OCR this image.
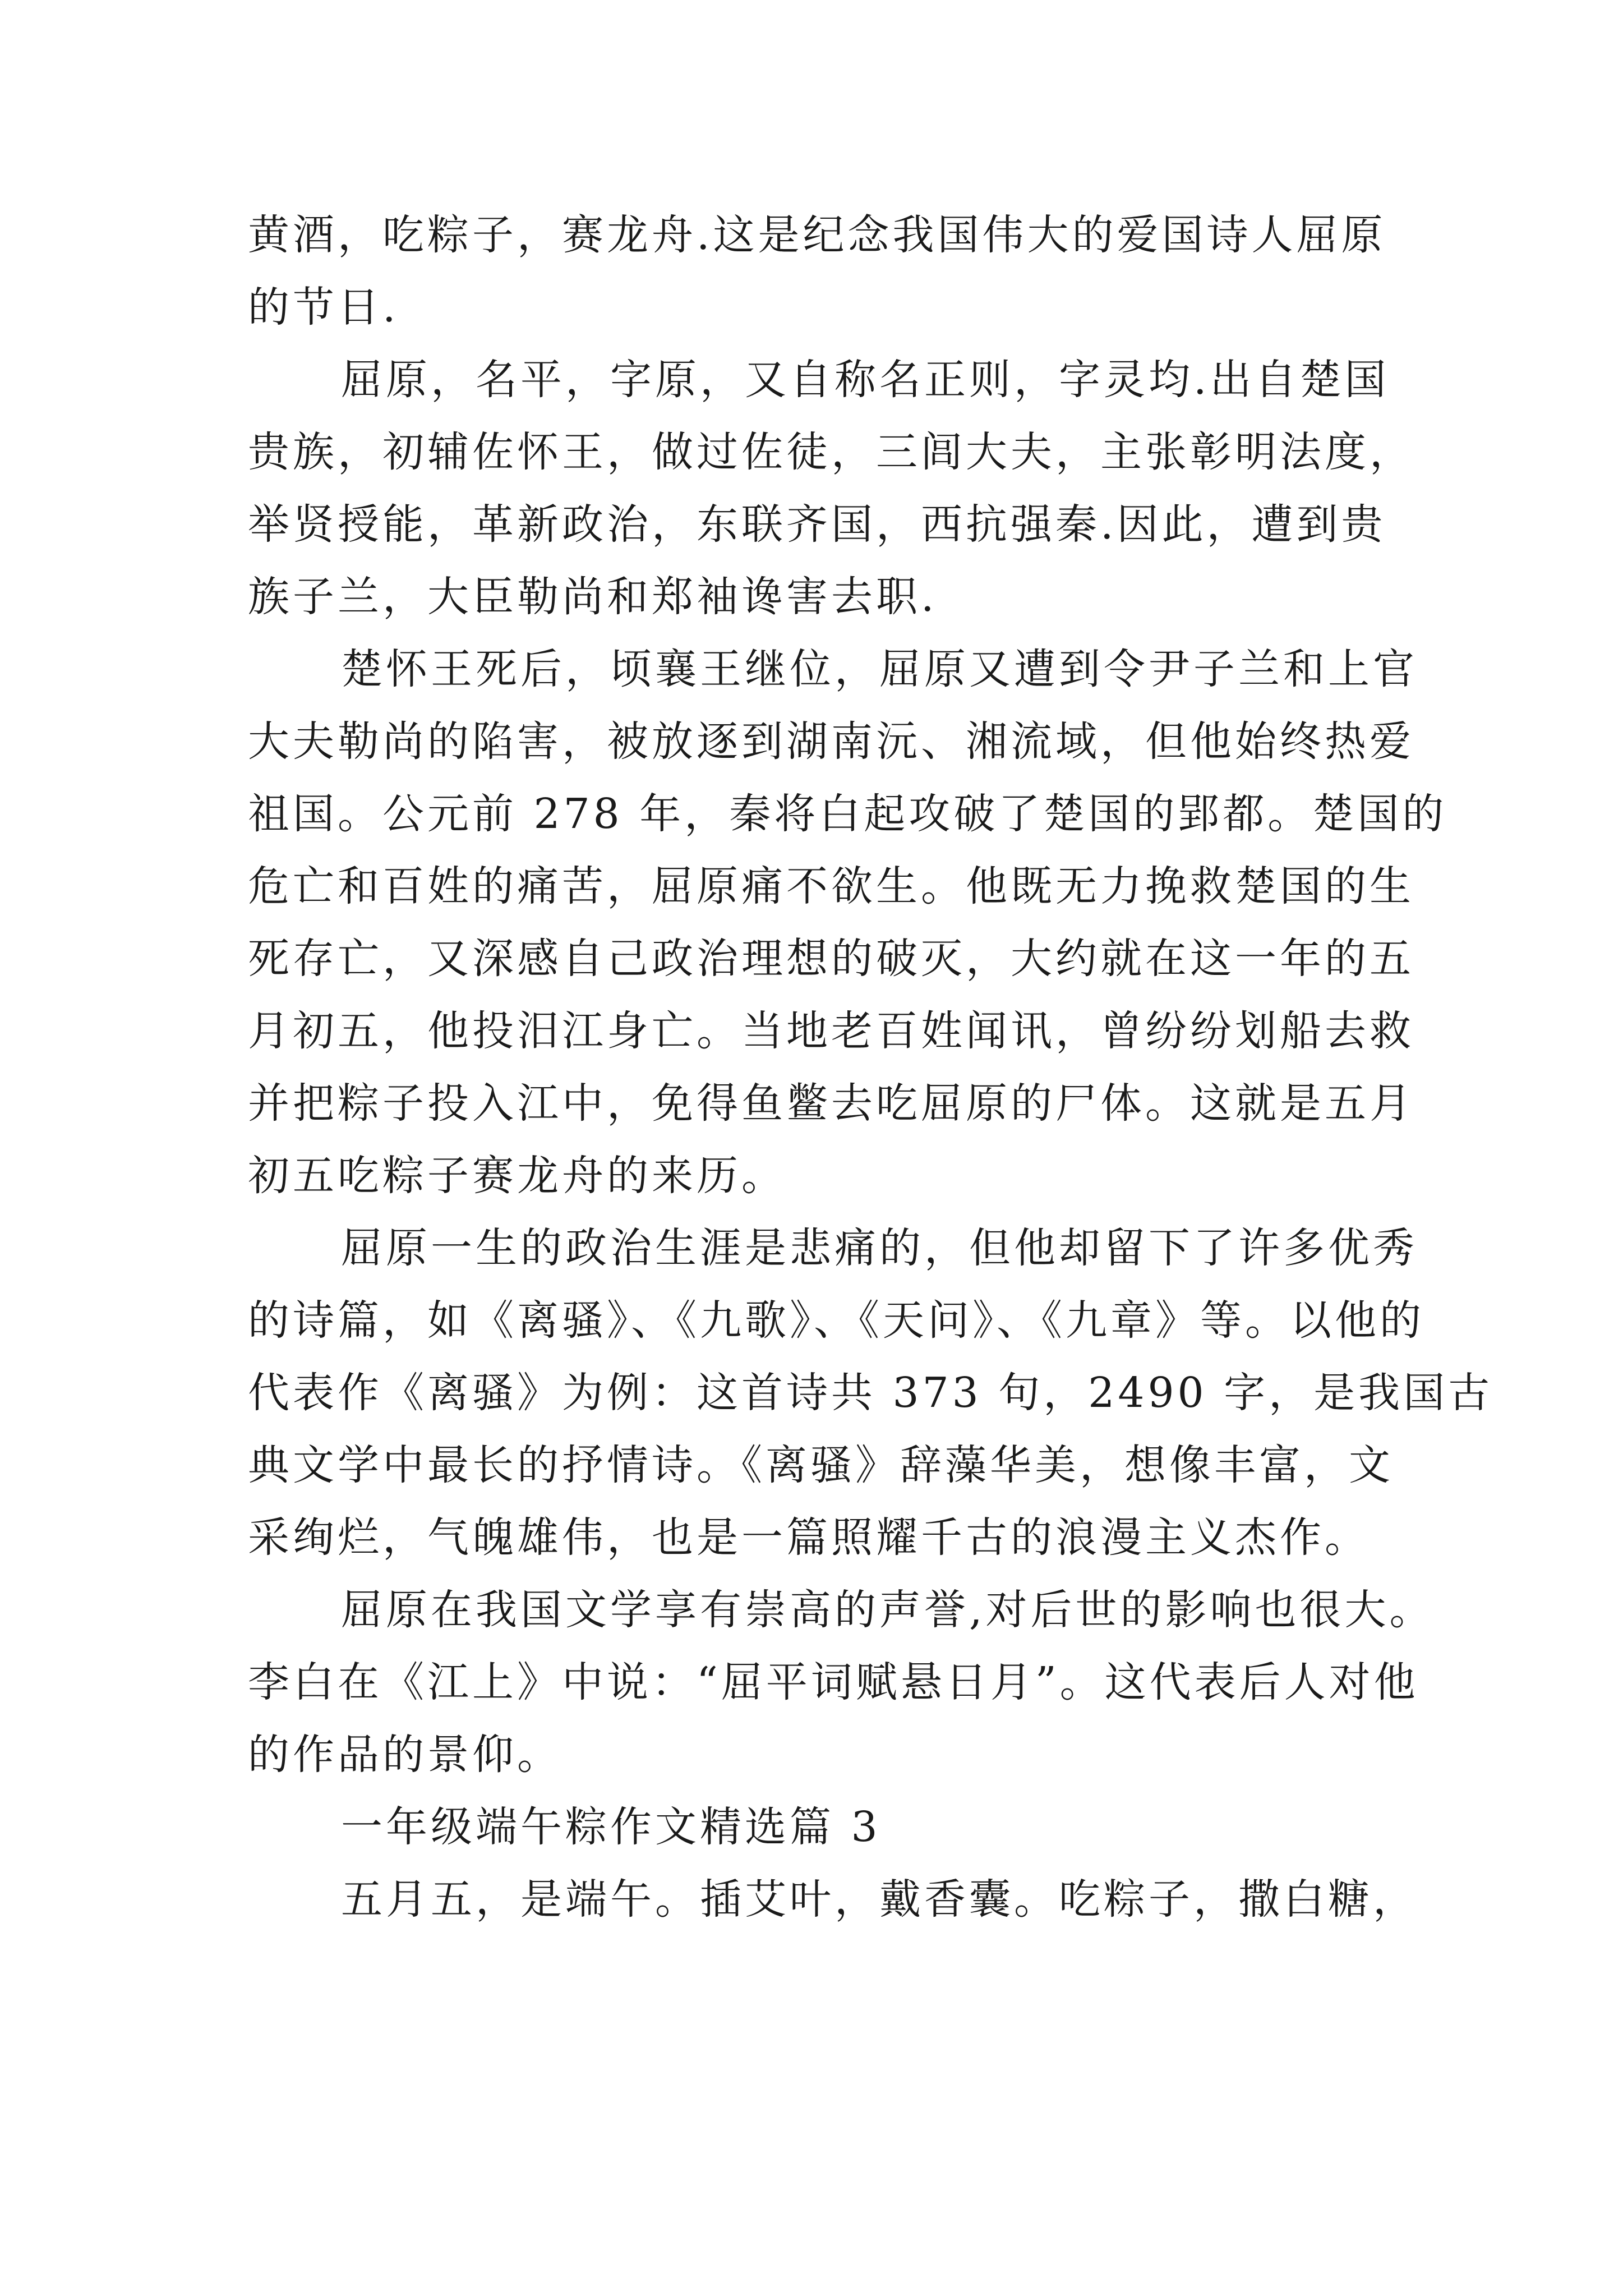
黄酒，吃粽子，赛龙舟.这是纪念我国伟大的爱国诗人屈原
的节日.
屈原，名平，字原，又自称名正则，字灵均.出自楚国
贵族，初辅佐怀王，做过佐徒，三闾大夫，主张彰明法度，
举贤授能，革新政治，东联齐国，西抗强秦.因此，遭到贵
族子兰，大臣勒尚和郑袖谗害去职.
楚怀王死后，顷襄王继位，屈原又遭到令尹子兰和上官
大夫勒尚的陷害，被放逐到湖南沅、湘流域，但他始终热爱
祖国。公元前 278 年，秦将白起攻破了楚国的郢都。楚国的
危亡和百姓的痛苦，屈原痛不欲生。他既无力挽救楚国的生
死存亡，又深感自己政治理想的破灭，大约就在这一年的五
月初五，他投汨江身亡。当地老百姓闻讯，曾纷纷划船去救
并把粽子投入江中，免得鱼鳖去吃屈原的尸体。这就是五月
初五吃粽子赛龙舟的来历。
屈原一生的政治生涯是悲痛的，但他却留下了许多优秀
的诗篇，如《离骚》、《九歌》、《天问》、《九章》等。以他的
代表作《离骚》为例：这首诗共 373 句，2490 字，是我国古
典文学中最长的抒情诗。《离骚》辞藻华美，想像丰富，文
采绚烂，气魄雄伟，也是一篇照耀千古的浪漫主义杰作。
屈原在我国文学享有崇高的声誉,对后世的影响也很大。
李白在《江上》中说：“屈平词赋悬日月”。这代表后人对他
的作品的景仰。
一年级端午粽作文精选篇 3
五月五，是端午。插艾叶，戴香囊。吃粽子，撒白糖，
